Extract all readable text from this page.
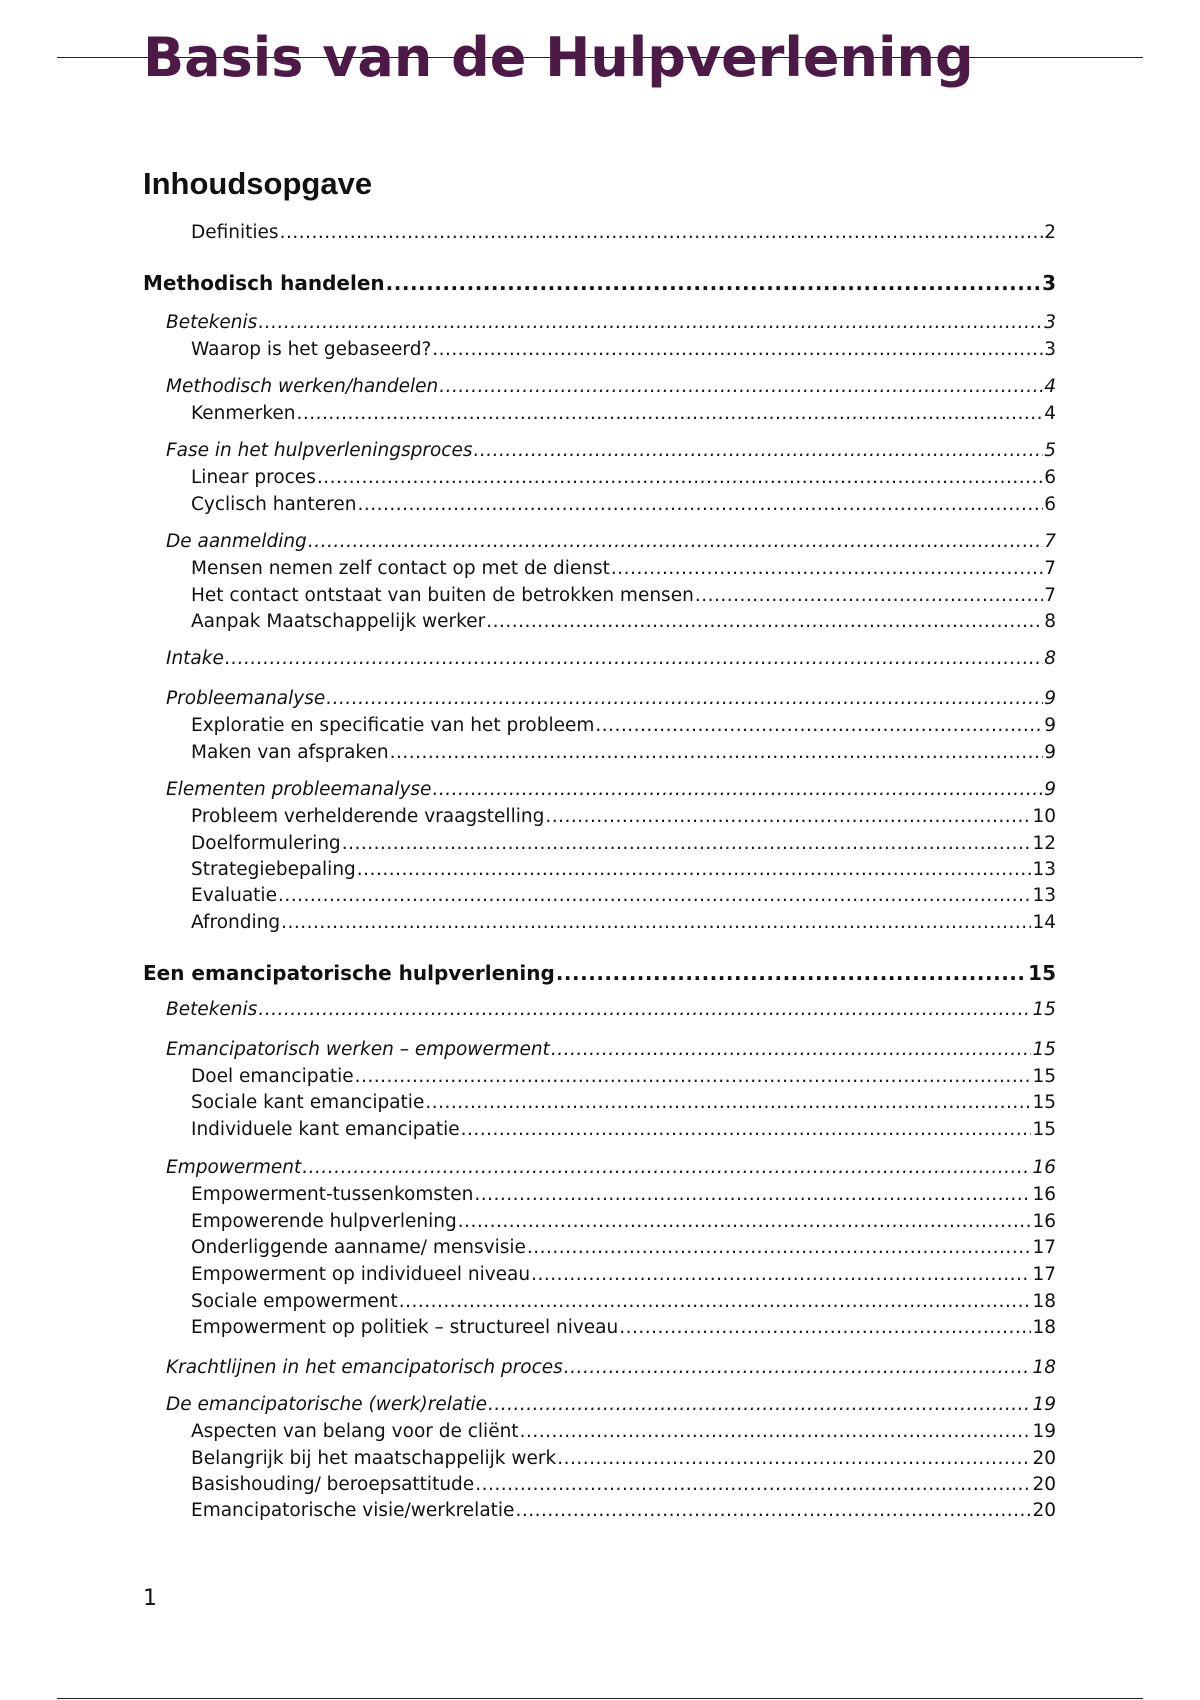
Basis van de Hulpverlening
Inhoudsopgave
Definities .....	2
Methodisch handelen .....	3
Betekenis .....	3
Waarop is het gebaseerd? .....	3
Methodisch werken/handelen .....	4
Kenmerken .....	4
Fase in het hulpverleningsproces .....	5
Linear proces .....	6
Cyclisch hanteren .....	6
De aanmelding .....	7
Mensen nemen zelf contact op met de dienst .....	7
Het contact ontstaat van buiten de betrokken mensen .....	7
Aanpak Maatschappelijk werker .....	8
Intake .....	8
Probleemanalyse .....	9
Exploratie en specificatie van het probleem .....	9
Maken van afspraken .....	9
Elementen probleemanalyse .....	9
Probleem verhelderende vraagstelling .....	10
Doelformulering .....	12
Strategiebepaling .....	13
Evaluatie .....	13
Afronding .....	14
Een emancipatorische hulpverlening .....	15
Betekenis .....	15
Emancipatorisch werken – empowerment .....	15
Doel emancipatie .....	15
Sociale kant emancipatie .....	15
Individuele kant emancipatie .....	15
Empowerment .....	16
Empowerment-tussenkomsten .....	16
Empowerende hulpverlening .....	16
Onderliggende aanname/ mensvisie .....	17
Empowerment op individueel niveau .....	17
Sociale empowerment .....	18
Empowerment op politiek – structureel niveau .....	18
Krachtlijnen in het emancipatorisch proces .....	18
De emancipatorische (werk)relatie .....	19
Aspecten van belang voor de cliënt .....	19
Belangrijk bij het maatschappelijk werk .....	20
Basishouding/ beroepsattitude .....	20
Emancipatorische visie/werkrelatie .....	20
1
